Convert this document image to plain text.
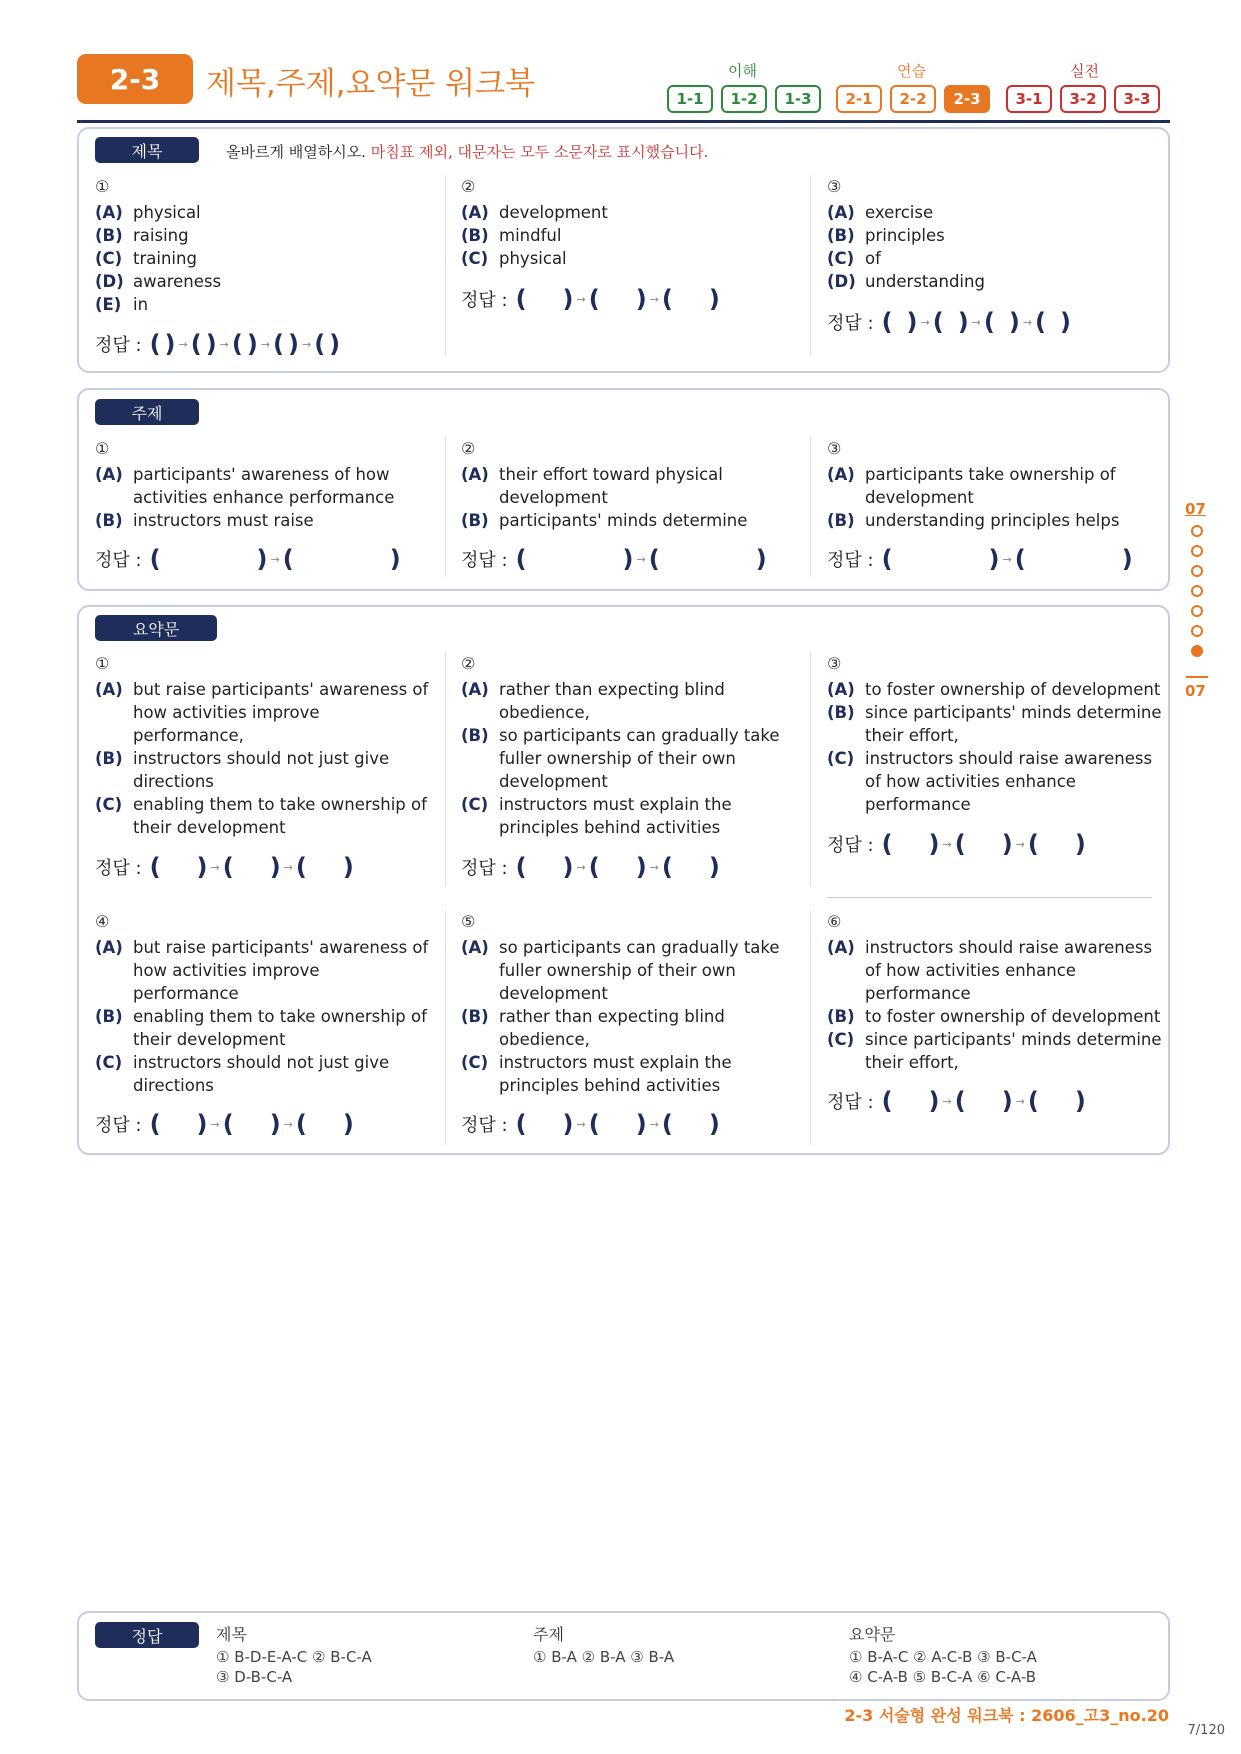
2-3	제목,주제,요약문 워크북	이해	연습	실전
1-1	1-2	1-3	2-1	2-2	2-3	3-1	3-2	3-3
07
07
제목	올바르게 배열하시오. 마침표 제외, 대문자는 모두 소문자로 표시했습니다.
①
(A) physical
(B) raising
(C) training
(D) awareness
(E) in
②
(A) development
(B) mindful
(C) physical
③
(A) exercise
(B) principles
(C) of
(D) understanding
정답 : ( ) → ( ) → ( ) → ( ) → ( )
정답 : ( ) → ( ) → ( )
정답 : ( ) → ( ) → ( ) → ( )
주제
①
(A) participants' awareness of how activities enhance performance
(B) instructors must raise
②
(A) their effort toward physical development
(B) participants' minds determine
③
(A) participants take ownership of development
(B) understanding principles helps
정답 : (	) → (	)	정답 : (	) → (	)	정답 : (	) → (	)
요약문
①
(A) but raise participants' awareness of how activities improve performance,
(B) instructors should not just give directions
(C) enabling them to take ownership of their development
②
(A) rather than expecting blind obedience,
(B) so participants can gradually take fuller ownership of their own development
(C) instructors must explain the principles behind activities
③
(A) to foster ownership of development
(B) since participants' minds determine their effort,
(C) instructors should raise awareness of how activities enhance performance
정답 : ( ) → ( ) → ( )	정답 : ( ) → ( ) → ( )
정답 : ( ) → ( ) → ( )
④
(A) but raise participants' awareness of how activities improve performance
(B) enabling them to take ownership of their development
(C) instructors should not just give directions
⑤
(A) so participants can gradually take fuller ownership of their own development
(B) rather than expecting blind obedience,
(C) instructors must explain the principles behind activities
⑥
(A) instructors should raise awareness of how activities enhance performance
(B) to foster ownership of development
(C) since participants' minds determine their effort,
정답 : ( ) → ( ) → ( )	정답 : ( ) → ( ) → ( )
정답 : ( ) → ( ) → ( )
정답	제목
① B-D-E-A-C ② B-C-A
③ D-B-C-A
주제
① B-A ② B-A ③ B-A
요약문
① B-A-C ② A-C-B ③ B-C-A
④ C-A-B ⑤ B-C-A ⑥ C-A-B
2-3 서술형 완성 워크북 : 2606_고3_no.20
7/120
